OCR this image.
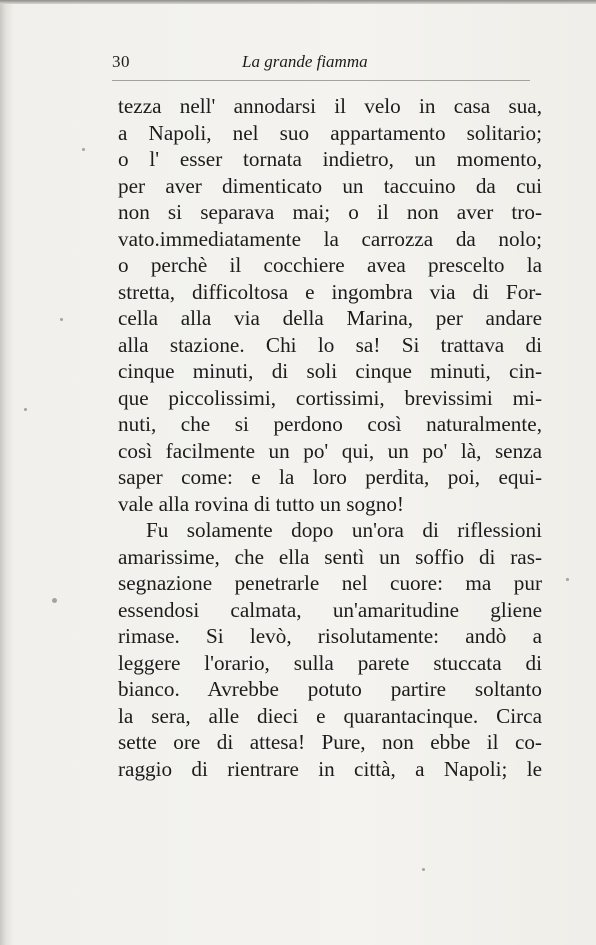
30	La grande fiamma
tezza nell' annodarsi il velo in casa sua,
a Napoli, nel suo appartamento solitario;
o l' esser tornata indietro, un momento,
per aver dimenticato un taccuino da cui
non si separava mai; o il non aver tro-
vato.immediatamente la carrozza da nolo;
o perchè il cocchiere avea prescelto la
stretta, difficoltosa e ingombra via di For-
cella alla via della Marina, per andare
alla stazione. Chi lo sa! Si trattava di
cinque minuti, di soli cinque minuti, cin-
que piccolissimi, cortissimi, brevissimi mi-
nuti, che si perdono così naturalmente,
così facilmente un po' qui, un po' là, senza
saper come: e la loro perdita, poi, equi-
vale alla rovina di tutto un sogno!
Fu solamente dopo un'ora di riflessioni
amarissime, che ella sentì un soffio di ras-
segnazione penetrarle nel cuore: ma pur
essendosi calmata, un'amaritudine gliene
rimase. Si levò, risolutamente: andò a
leggere l'orario, sulla parete stuccata di
bianco. Avrebbe potuto partire soltanto
la sera, alle dieci e quarantacinque. Circa
sette ore di attesa! Pure, non ebbe il co-
raggio di rientrare in città, a Napoli; le
